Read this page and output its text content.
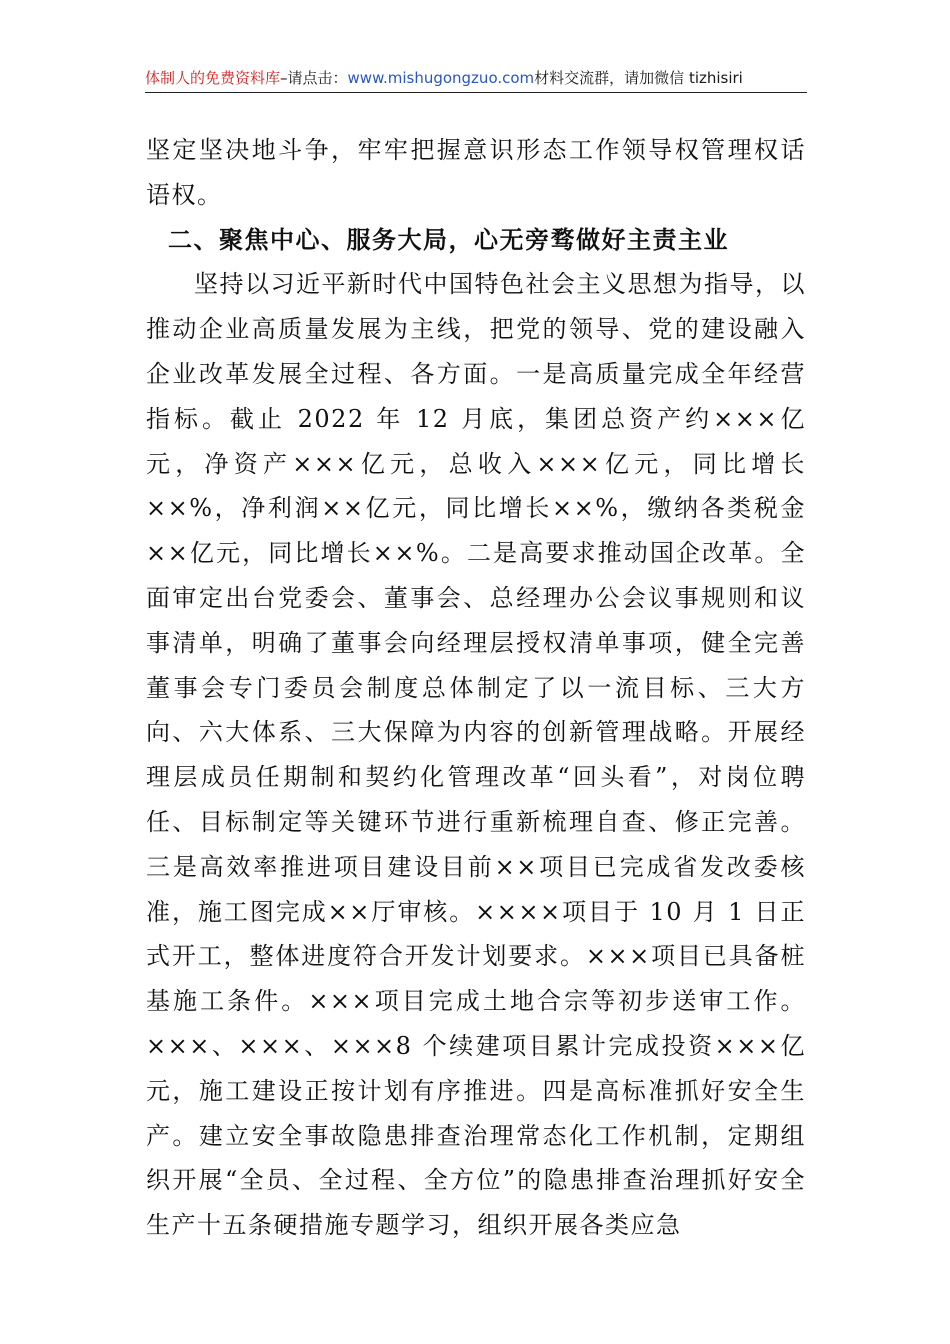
体制人的免费资料库–请点击：www.mishugongzuo.com材料交流群，请加微信 tizhisiri

坚定坚决地斗争，牢牢把握意识形态工作领导权管理权话语权。

二、聚焦中心、服务大局，心无旁骛做好主责主业

坚持以习近平新时代中国特色社会主义思想为指导，以推动企业高质量发展为主线，把党的领导、党的建设融入企业改革发展全过程、各方面。一是高质量完成全年经营指标。截止 2022 年 12 月底，集团总资产约×××亿元，净资产×××亿元，总收入×××亿元，同比增长××%，净利润××亿元，同比增长××%，缴纳各类税金××亿元，同比增长××%。二是高要求推动国企改革。全面审定出台党委会、董事会、总经理办公会议事规则和议事清单，明确了董事会向经理层授权清单事项，健全完善董事会专门委员会制度总体制定了以一流目标、三大方向、六大体系、三大保障为内容的创新管理战略。开展经理层成员任期制和契约化管理改革“回头看”，对岗位聘任、目标制定等关键环节进行重新梳理自查、修正完善。三是高效率推进项目建设目前××项目已完成省发改委核准，施工图完成××厅审核。××××项目于 10 月 1 日正式开工，整体进度符合开发计划要求。×××项目已具备桩基施工条件。×××项目完成土地合宗等初步送审工作。×××、×××、×××8 个续建项目累计完成投资×××亿元，施工建设正按计划有序推进。四是高标准抓好安全生产。建立安全事故隐患排查治理常态化工作机制，定期组织开展“全员、全过程、全方位”的隐患排查治理抓好安全生产十五条硬措施专题学习，组织开展各类应急
